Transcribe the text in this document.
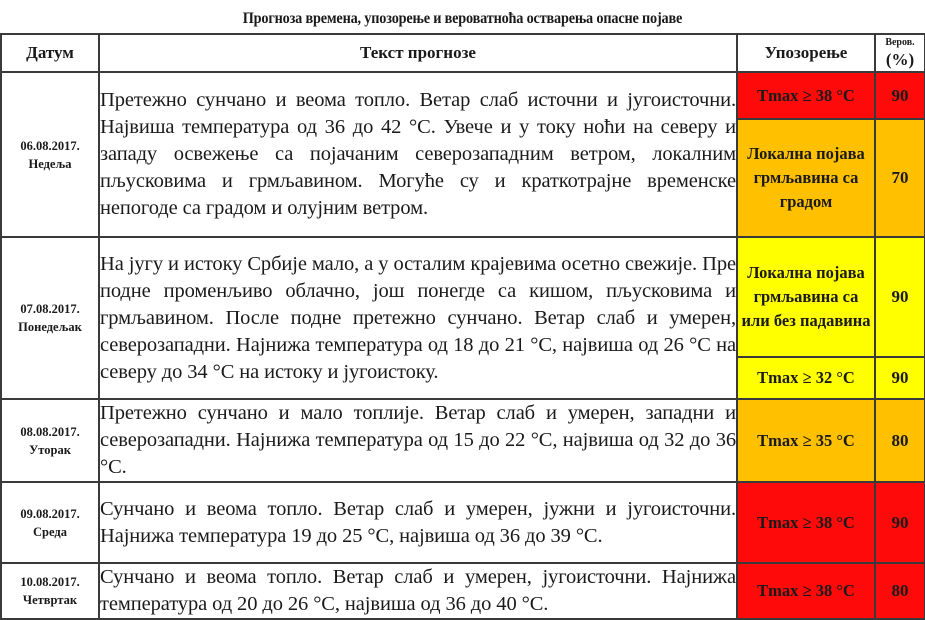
Прогноза времена, упозорење и вероватноћа остварења опасне појаве
Датум	Текст прогнозе	Упозорење	Веров.
(%)

06.08.2017.
Недеља	Претежно сунчано и веома топло. Ветар слаб источни и југоисточни. Највиша температура од 36 до 42 °C. Увече и у току ноћи на северу и западу освежење са појачаним северозападним ветром, локалним пљусковима и грмљавином. Могуће су и краткотрајне временске непогоде са градом и олујним ветром.	Tmax ≥ 38 °C	90
		Локална појава грмљавина са градом	70

07.08.2017.
Понедељак	На југу и истоку Србије мало, а у осталим крајевима осетно свежије. Пре подне променљиво облачно, још понегде са кишом, пљусковима и грмљавином. После подне претежно сунчано. Ветар слаб и умерен, северозападни. Најнижа температура од 18 до 21 °C, највиша од 26 °C на северу до 34 °C на истоку и југоистоку.	Локална појава грмљавина са или без падавина	90
		Tmax ≥ 32 °C	90

08.08.2017.
Уторак	Претежно сунчано и мало топлије. Ветар слаб и умерен, западни и северозападни. Најнижа температура од 15 до 22 °C, највиша од 32 до 36 °C.	Tmax ≥ 35 °C	80

09.08.2017.
Среда	Сунчано и веома топло. Ветар слаб и умерен, јужни и југоисточни. Најнижа температура 19 до 25 °C, највиша од 36 до 39 °C.	Tmax ≥ 38 °C	90

10.08.2017.
Четвртак	Сунчано и веома топло. Ветар слаб и умерен, југоисточни. Најнижа температура од 20 до 26 °C, највиша од 36 до 40 °C.	Tmax ≥ 38 °C	80
